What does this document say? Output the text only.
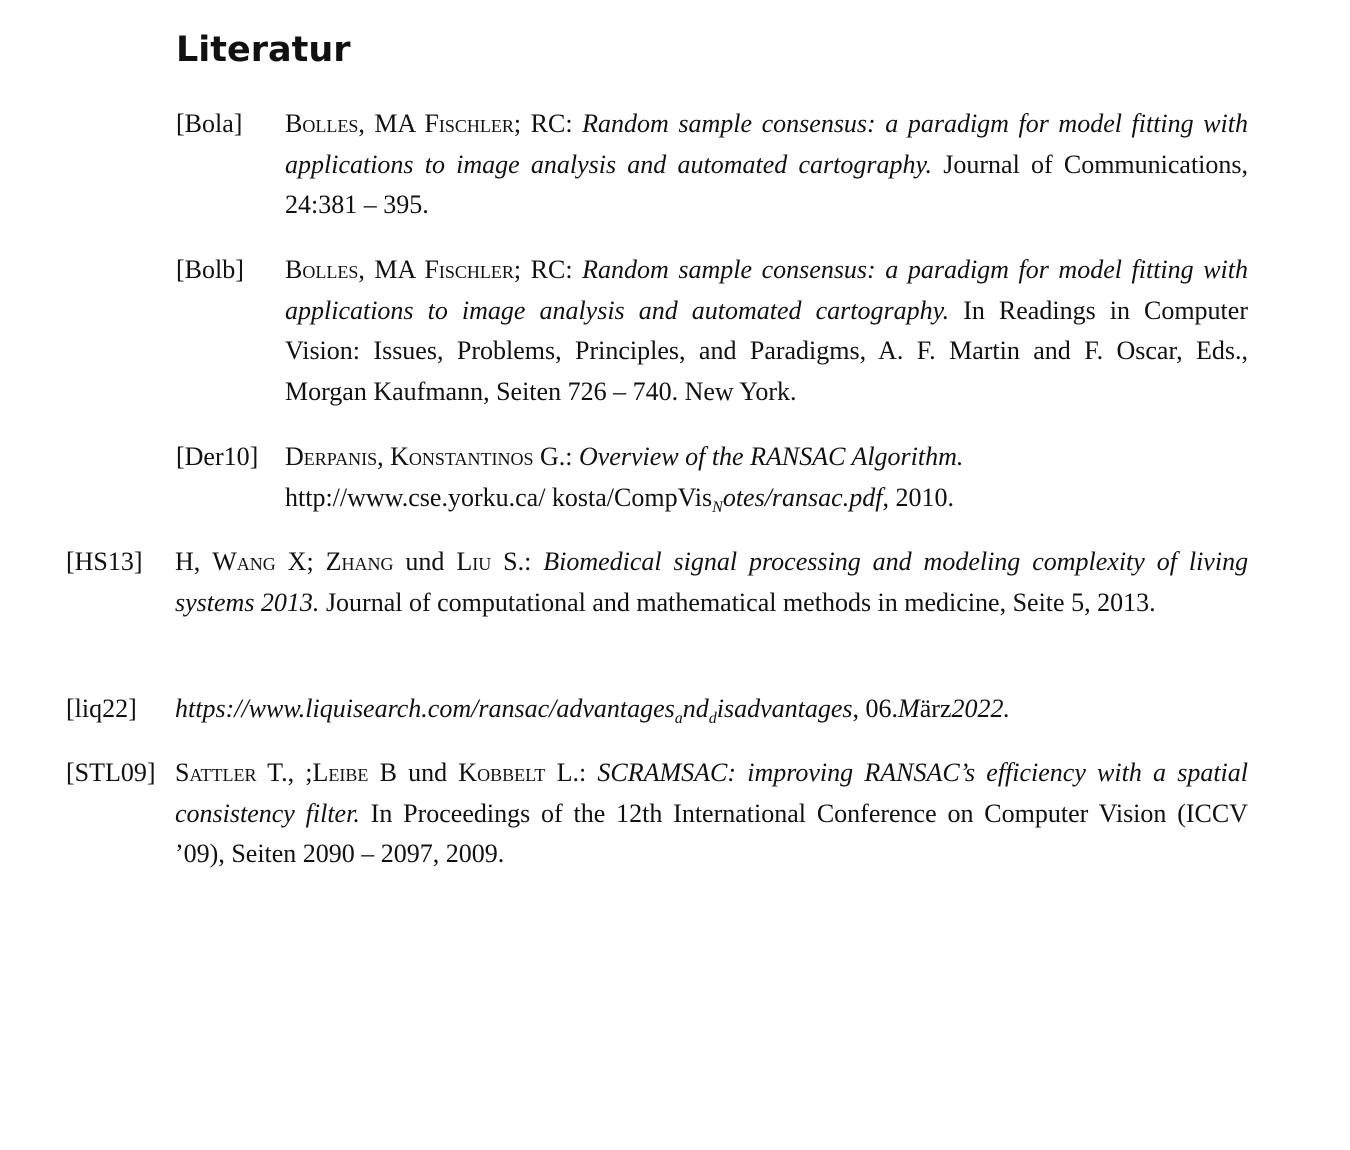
Literatur
[Bola] Bolles, MA Fischler; RC: Random sample consensus: a paradigm for model fitting with applications to image analysis and automated cartography. Journal of Communications, 24:381 – 395.
[Bolb] Bolles, MA Fischler; RC: Random sample consensus: a paradigm for model fitting with applications to image analysis and automated cartography. In Readings in Computer Vision: Issues, Problems, Principles, and Paradigms, A. F. Martin and F. Oscar, Eds., Morgan Kaufmann, Seiten 726 – 740. New York.
[Der10] Derpanis, Konstantinos G.: Overview of the RANSAC Algorithm.
http://www.cse.yorku.ca/ kosta/CompVis$_N$otes/ransac.pdf, 2010.
[HS13] H, Wang X; Zhang und Liu S.: Biomedical signal processing and modeling complexity of living systems 2013. Journal of computational and mathematical methods in medicine, Seite 5, 2013.
[liq22] $https://www.liquisearch.com/ransac/advantages_and_disadvantages$, 06.März2022.
[STL09] Sattler T., ;Leibe B und Kobbelt L.: SCRAMSAC: improving RANSAC’s efficiency with a spatial consistency filter. In Proceedings of the 12th International Conference on Computer Vision (ICCV ’09), Seiten 2090 – 2097, 2009.
